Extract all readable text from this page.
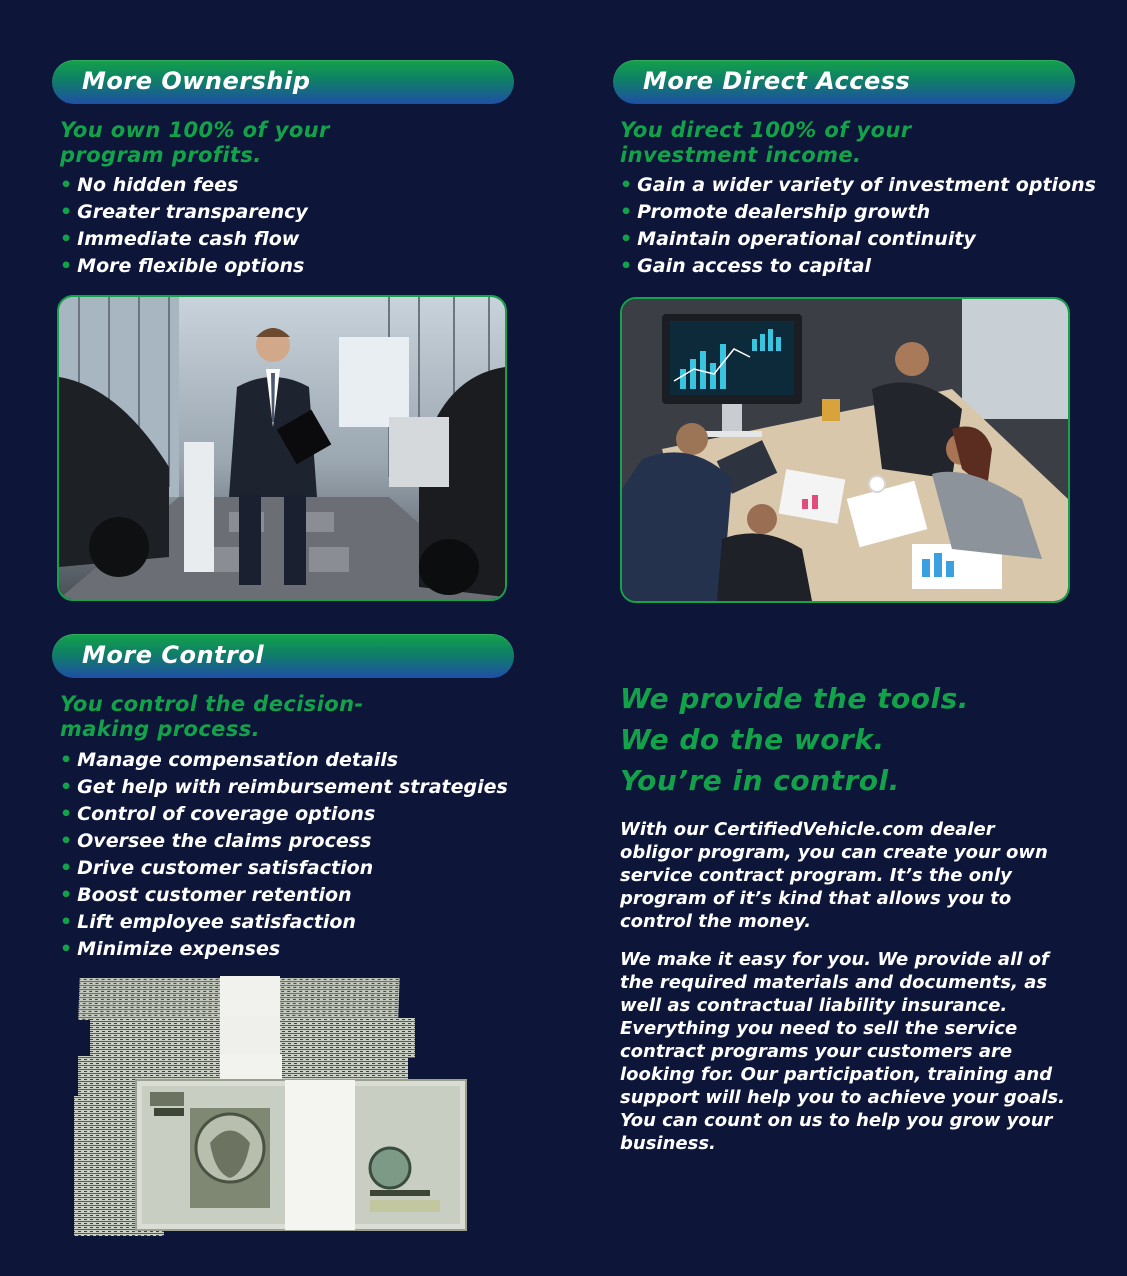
More Ownership
You own 100% of your
program profits.
• No hidden fees
• Greater transparency
• Immediate cash flow
• More flexible options
More Direct Access
You direct 100% of your
investment income.
• Gain a wider variety of investment options
• Promote dealership growth
• Maintain operational continuity
• Gain access to capital
More Control
You control the decision-
making process.
• Manage compensation details
• Get help with reimbursement strategies
• Control of coverage options
• Oversee the claims process
• Drive customer satisfaction
• Boost customer retention
• Lift employee satisfaction
• Minimize expenses
We provide the tools.
We do the work.
You’re in control.

With our CertifiedVehicle.com dealer obligor program, you can create your own service contract program. It’s the only program of it’s kind that allows you to control the money.

We make it easy for you. We provide all of the required materials and documents, as well as contractual liability insurance. Everything you need to sell the service contract programs your customers are looking for. Our participation, training and support will help you to achieve your goals. You can count on us to help you grow your business.
